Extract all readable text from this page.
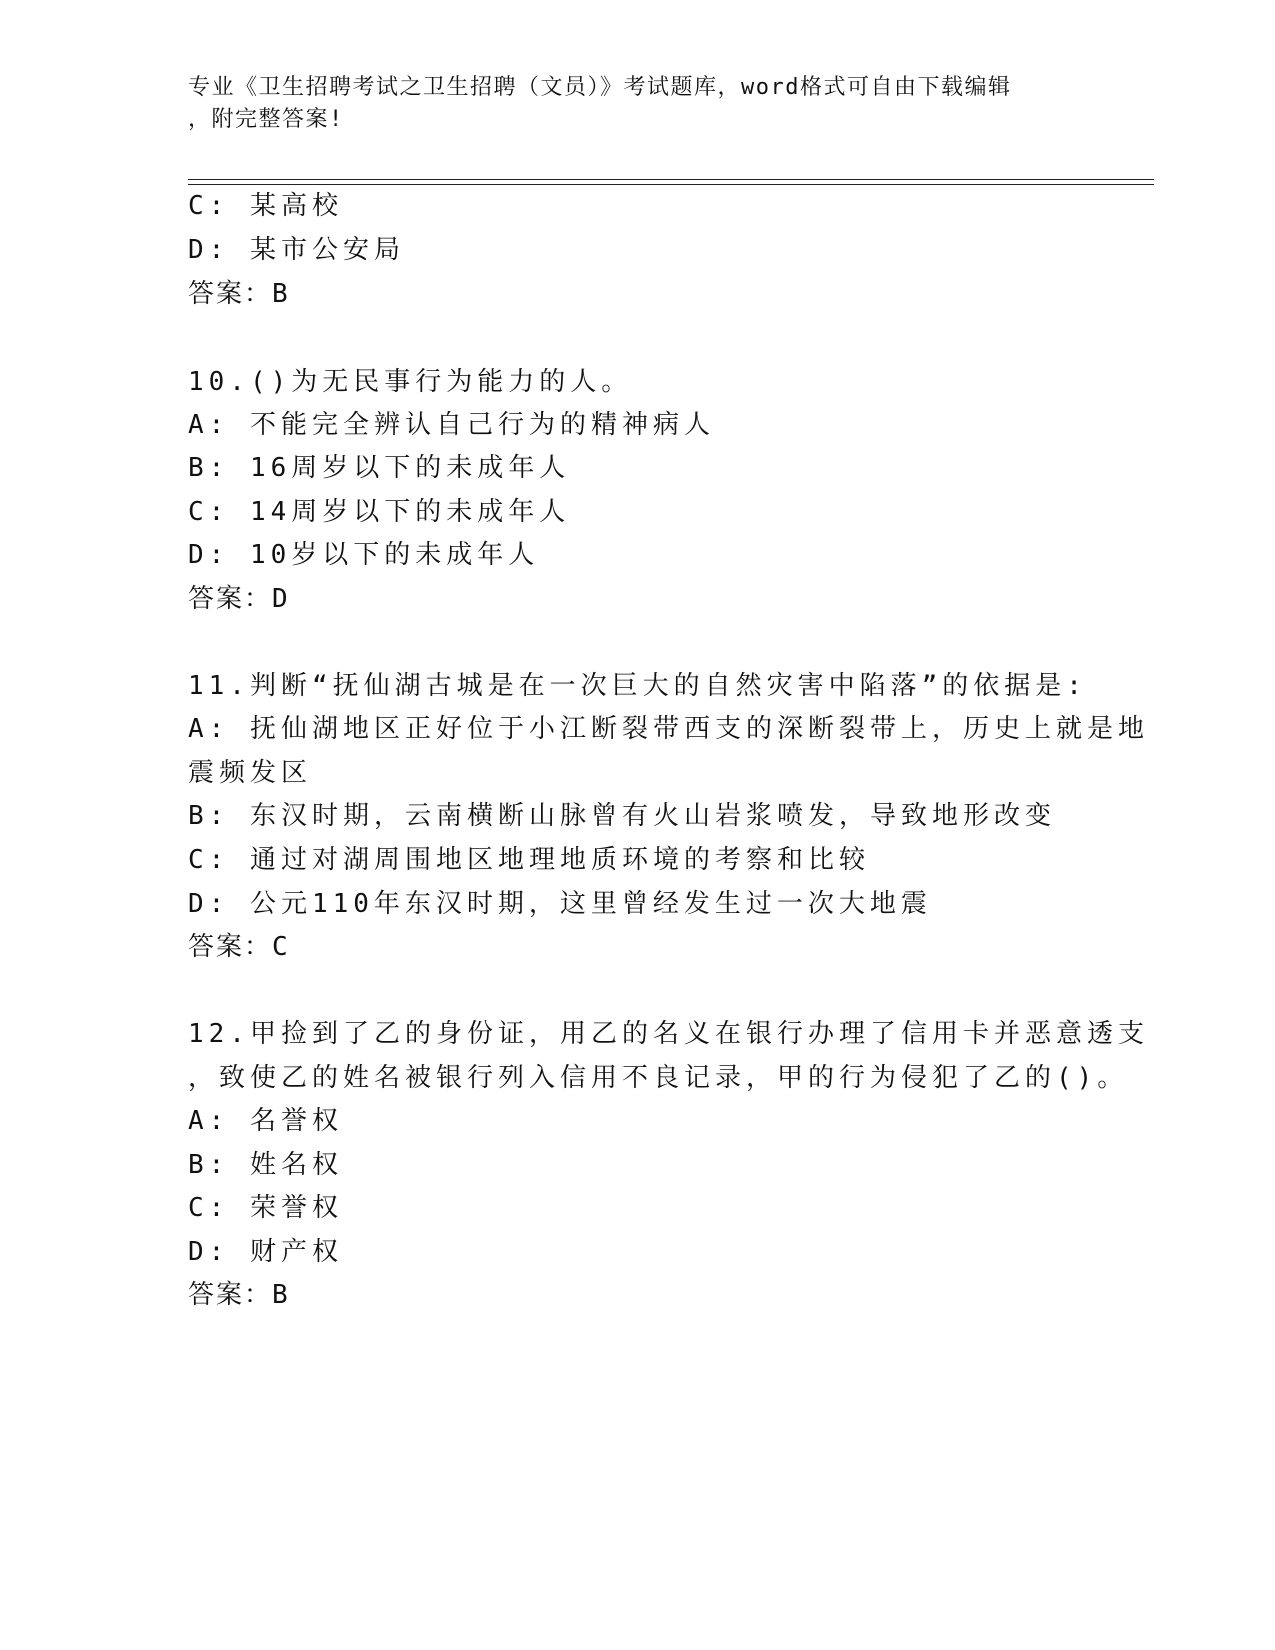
专业《卫生招聘考试之卫生招聘（文员）》考试题库，word格式可自由下载编辑
，附完整答案!
C: 某高校
D: 某市公安局
答案：B
10.()为无民事行为能力的人。
A: 不能完全辨认自己行为的精神病人
B: 16周岁以下的未成年人
C: 14周岁以下的未成年人
D: 10岁以下的未成年人
答案：D
11.判断“抚仙湖古城是在一次巨大的自然灾害中陷落”的依据是:
A: 抚仙湖地区正好位于小江断裂带西支的深断裂带上，历史上就是地
震频发区
B: 东汉时期，云南横断山脉曾有火山岩浆喷发，导致地形改变
C: 通过对湖周围地区地理地质环境的考察和比较
D: 公元110年东汉时期，这里曾经发生过一次大地震
答案：C
12.甲捡到了乙的身份证，用乙的名义在银行办理了信用卡并恶意透支
，致使乙的姓名被银行列入信用不良记录，甲的行为侵犯了乙的()。
A: 名誉权
B: 姓名权
C: 荣誉权
D: 财产权
答案：B
